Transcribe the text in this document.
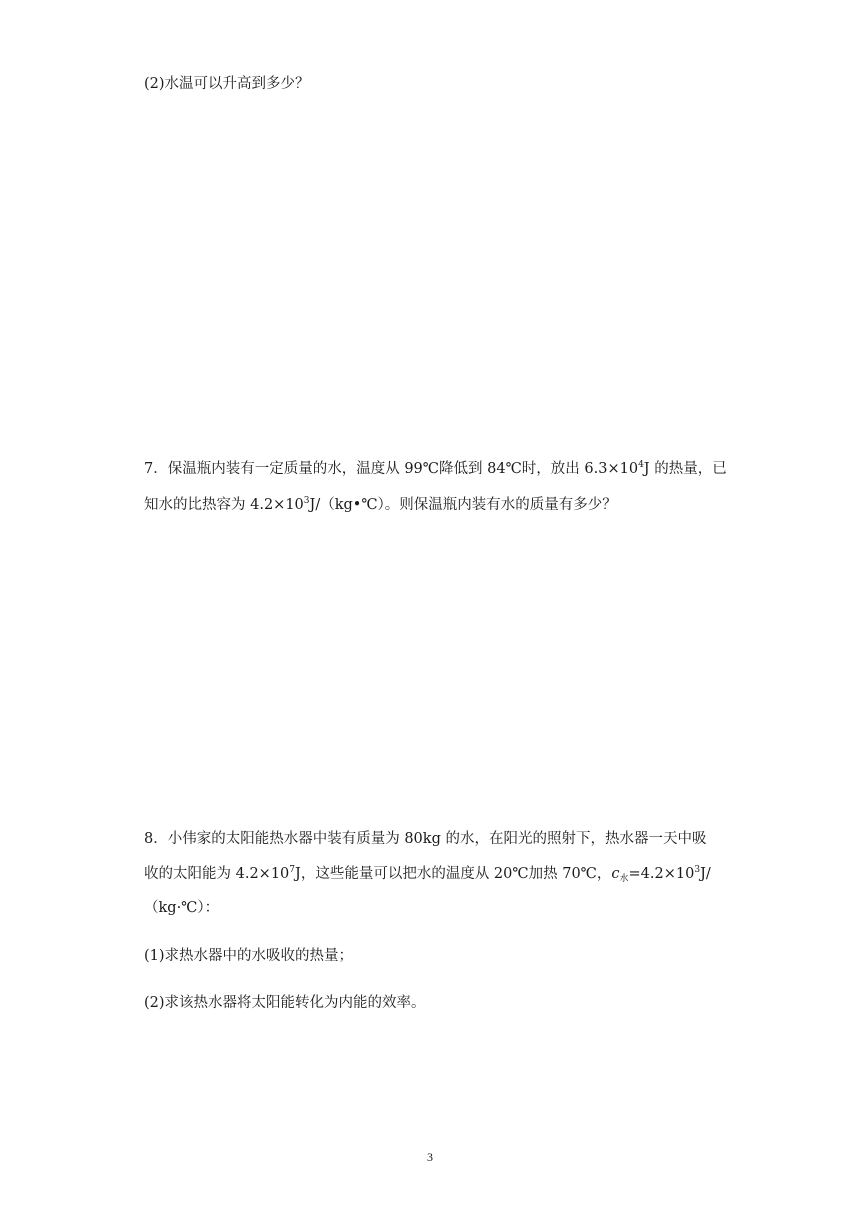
(2)水温可以升高到多少？
7．保温瓶内装有一定质量的水，温度从 99℃降低到 84℃时，放出 $6.3\times 10^4J$ 的热量，已
知水的比热容为 $4.2\times 10^3J/(kg•℃)$。则保温瓶内装有水的质量有多少？
8．小伟家的太阳能热水器中装有质量为 80kg 的水，在阳光的照射下，热水器一天中吸
收的太阳能为 $4.2\times 10^7J$，这些能量可以把水的温度从 20℃加热 70℃，$c_水=4.2\times 10^3J/$
（kg·℃）：
(1)求热水器中的水吸收的热量；
(2)求该热水器将太阳能转化为内能的效率。
3
